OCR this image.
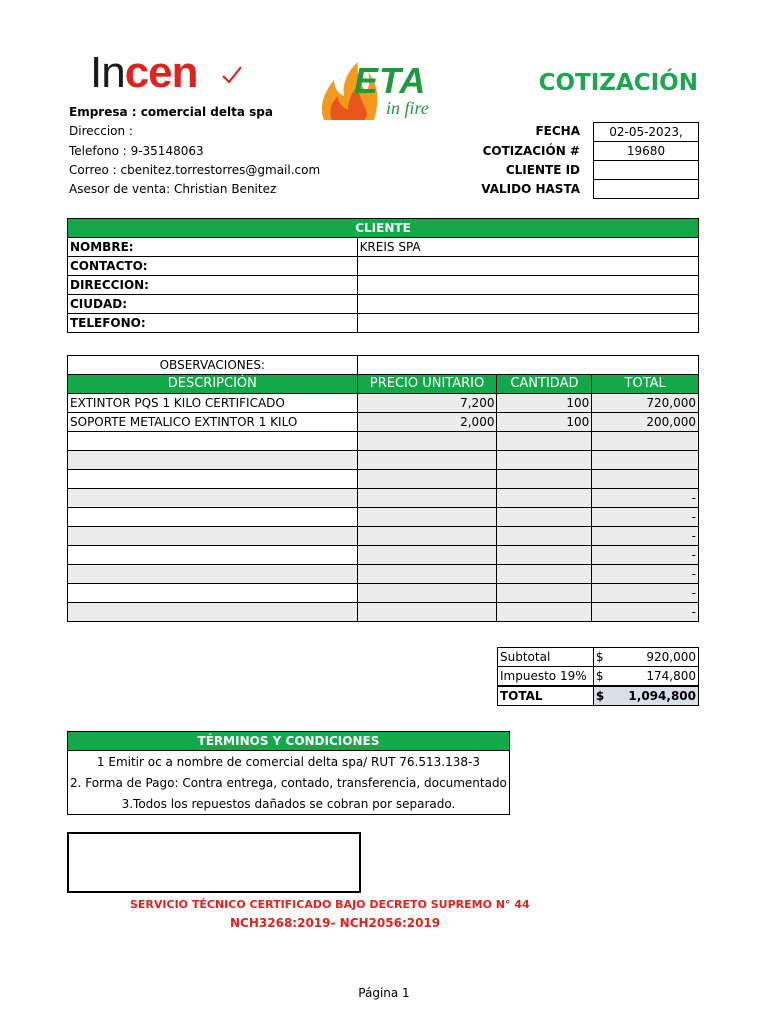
Incen	ETA
in fire
COTIZACIÓN
Empresa : comercial delta spa
Direccion :
Telefono : 9-35148063
Correo : cbenitez.torrestorres@gmail.com
Asesor de venta: Christian Benitez
FECHA	02-05-2023,
COTIZACIÓN #	19680
CLIENTE ID
VALIDO HASTA
CLIENTE	
NOMBRE:	KREIS SPA
CONTACTO:	
DIRECCION:	
CIUDAD:	
TELEFONO:	
OBSERVACIONES:			
DESCRIPCIÓN	PRECIO UNITARIO	CANTIDAD	TOTAL
EXTINTOR PQS 1 KILO CERTIFICADO	7,200	100	720,000
SOPORTE METALICO EXTINTOR 1 KILO	2,000	100	200,000

			-
			-
			-
			-
			-
			-
			-
Subtotal	$	920,000
Impuesto 19%	$	174,800
TOTAL	$	1,094,800
TÉRMINOS Y CONDICIONES
1 Emitir oc a nombre de comercial delta spa/ RUT 76.513.138-3
2. Forma de Pago: Contra entrega, contado, transferencia, documentado
3.Todos los repuestos dañados se cobran por separado.
SERVICIO TÉCNICO CERTIFICADO BAJO DECRETO SUPREMO N° 44
NCH3268:2019- NCH2056:2019
Página 1
